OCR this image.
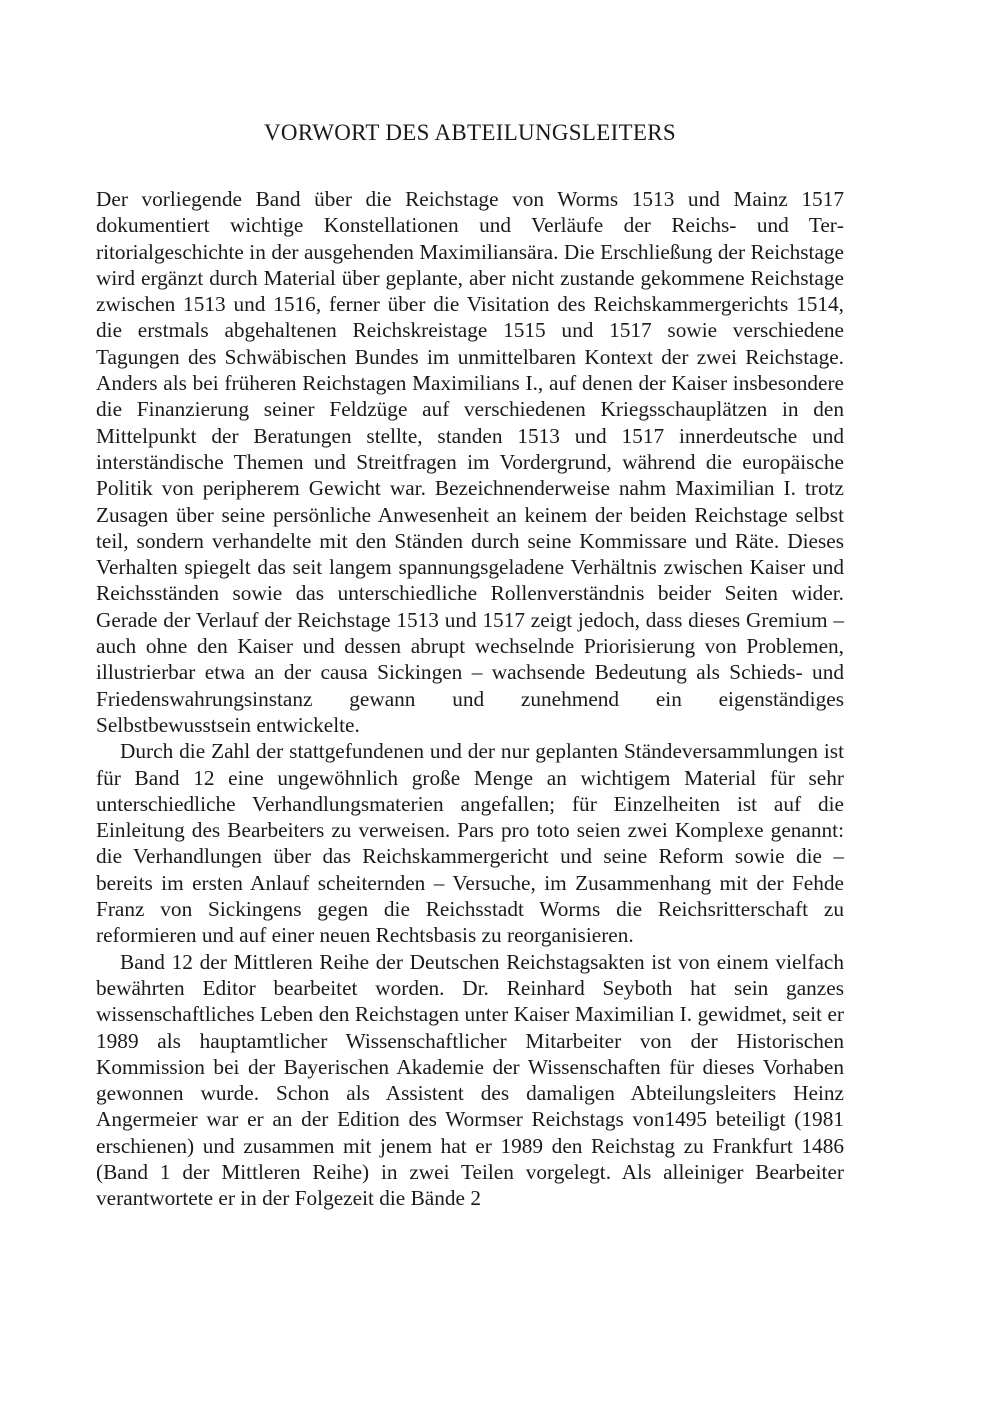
VORWORT DES ABTEILUNGSLEITERS

Der vorliegende Band über die Reichstage von Worms 1513 und Mainz 1517 dokumentiert wichtige Konstellationen und Verläufe der Reichs- und Territorialgeschichte in der ausgehenden Maximiliansära. Die Erschließung der Reichstage wird ergänzt durch Material über geplante, aber nicht zustande gekommene Reichstage zwischen 1513 und 1516, ferner über die Visitation des Reichskammergerichts 1514, die erstmals abgehaltenen Reichskreistage 1515 und 1517 sowie verschiedene Tagungen des Schwäbischen Bundes im unmittelbaren Kontext der zwei Reichstage. Anders als bei früheren Reichstagen Maximilians I., auf denen der Kaiser insbesondere die Finanzierung seiner Feldzüge auf verschiedenen Kriegsschauplätzen in den Mittelpunkt der Beratungen stellte, standen 1513 und 1517 innerdeutsche und interständische Themen und Streitfragen im Vordergrund, während die europäische Politik von peripherem Gewicht war. Bezeichnenderweise nahm Maximilian I. trotz Zusagen über seine persönliche Anwesenheit an keinem der beiden Reichstage selbst teil, sondern verhandelte mit den Ständen durch seine Kommissare und Räte. Dieses Verhalten spiegelt das seit langem spannungsgeladene Verhältnis zwischen Kaiser und Reichsständen sowie das unterschiedliche Rollenverständnis beider Seiten wider. Gerade der Verlauf der Reichstage 1513 und 1517 zeigt jedoch, dass dieses Gremium – auch ohne den Kaiser und dessen abrupt wechselnde Priorisierung von Problemen, illustrierbar etwa an der causa Sickingen – wachsende Bedeutung als Schieds- und Friedenswahrungsinstanz gewann und zunehmend ein eigenständiges Selbstbewusstsein entwickelte.

Durch die Zahl der stattgefundenen und der nur geplanten Ständeversammlungen ist für Band 12 eine ungewöhnlich große Menge an wichtigem Material für sehr unterschiedliche Verhandlungsmaterien angefallen; für Einzelheiten ist auf die Einleitung des Bearbeiters zu verweisen. Pars pro toto seien zwei Komplexe genannt: die Verhandlungen über das Reichskammergericht und seine Reform sowie die – bereits im ersten Anlauf scheiternden – Versuche, im Zusammenhang mit der Fehde Franz von Sickingens gegen die Reichsstadt Worms die Reichsritterschaft zu reformieren und auf einer neuen Rechtsbasis zu reorganisieren.

Band 12 der Mittleren Reihe der Deutschen Reichstagsakten ist von einem vielfach bewährten Editor bearbeitet worden. Dr. Reinhard Seyboth hat sein ganzes wissenschaftliches Leben den Reichstagen unter Kaiser Maximilian I. gewidmet, seit er 1989 als hauptamtlicher Wissenschaftlicher Mitarbeiter von der Historischen Kommission bei der Bayerischen Akademie der Wissenschaften für dieses Vorhaben gewonnen wurde. Schon als Assistent des damaligen Abteilungsleiters Heinz Angermeier war er an der Edition des Wormser Reichstags von1495 beteiligt (1981 erschienen) und zusammen mit jenem hat er 1989 den Reichstag zu Frankfurt 1486 (Band 1 der Mittleren Reihe) in zwei Teilen vorgelegt. Als alleiniger Bearbeiter verantwortete er in der Folgezeit die Bände 2
